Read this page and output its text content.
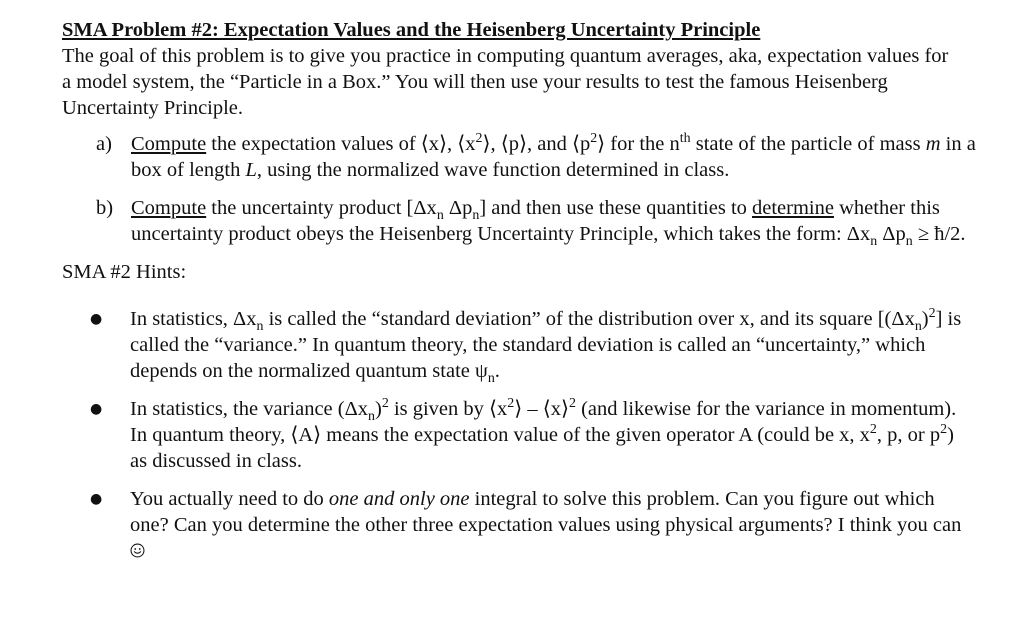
SMA Problem #2: Expectation Values and the Heisenberg Uncertainty Principle
The goal of this problem is to give you practice in computing quantum averages, aka, expectation values for a model system, the “Particle in a Box.” You will then use your results to test the famous Heisenberg Uncertainty Principle.
a) Compute the expectation values of ⟨x⟩, $⟨x^2⟩$, ⟨p⟩, and $⟨p^2⟩$ for the $n^{th}$ state of the particle of mass m in a box of length L, using the normalized wave function determined in class.
b) Compute the uncertainty product [$\Delta x_n$ $\Delta p_n$] and then use these quantities to determine whether this uncertainty product obeys the Heisenberg Uncertainty Principle, which takes the form: $\Delta x_n$ $\Delta p_n$ ≥ ħ/2.
SMA #2 Hints:
●	In statistics, $\Delta x_n$ is called the “standard deviation” of the distribution over x, and its square $[(\Delta x_n)^2]$ is called the “variance.” In quantum theory, the standard deviation is called an “uncertainty,” which depends on the normalized quantum state $\psi_n$.
●	In statistics, the variance $(\Delta x_n)^2$ is given by $⟨x^2⟩$ – ⟨x⟩$^2$ (and likewise for the variance in momentum). In quantum theory, ⟨A⟩ means the expectation value of the given operator A (could be x, $x^2$, p, or $p^2$) as discussed in class.
●	You actually need to do one and only one integral to solve this problem. Can you figure out which one? Can you determine the other three expectation values using physical arguments? I think you can
